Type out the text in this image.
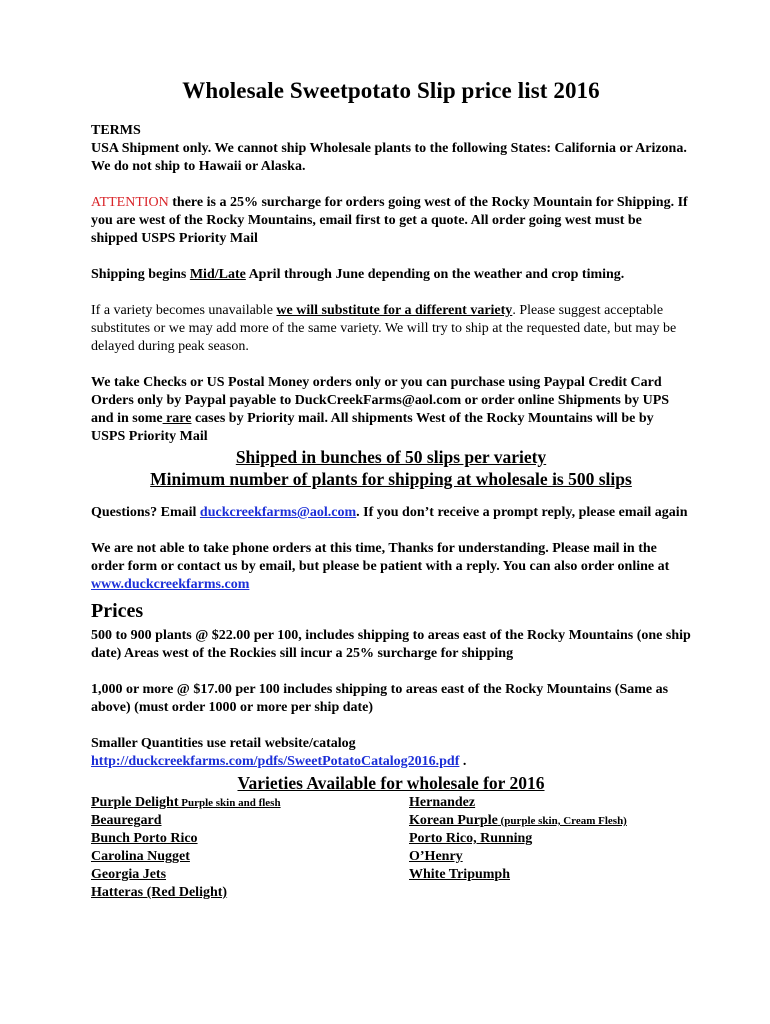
Wholesale Sweetpotato Slip price list 2016

TERMS

USA Shipment only. We cannot ship Wholesale plants to the following States: California or Arizona. We do not ship to Hawaii or Alaska.

ATTENTION there is a 25% surcharge for orders going west of the Rocky Mountain for Shipping. If you are west of the Rocky Mountains, email first to get a quote. All order going west must be shipped USPS Priority Mail

Shipping begins Mid/Late April through June depending on the weather and crop timing.

If a variety becomes unavailable we will substitute for a different variety. Please suggest acceptable substitutes or we may add more of the same variety. We will try to ship at the requested date, but may be delayed during peak season.

We take Checks or US Postal Money orders only or you can purchase using Paypal Credit Card Orders only by Paypal payable to DuckCreekFarms@aol.com or order online Shipments by UPS and in some rare cases by Priority mail. All shipments West of the Rocky Mountains will be by USPS Priority Mail

Shipped in bunches of 50 slips per variety
Minimum number of plants for shipping at wholesale is 500 slips

Questions? Email duckcreekfarms@aol.com. If you don’t receive a prompt reply, please email again

We are not able to take phone orders at this time, Thanks for understanding. Please mail in the order form or contact us by email, but please be patient with a reply. You can also order online at www.duckcreekfarms.com

Prices

500 to 900 plants @ $22.00 per 100, includes shipping to areas east of the Rocky Mountains (one ship date) Areas west of the Rockies sill incur a 25% surcharge for shipping

1,000 or more @ $17.00 per 100 includes shipping to areas east of the Rocky Mountains (Same as above) (must order 1000 or more per ship date)

Smaller Quantities use retail website/catalog
http://duckcreekfarms.com/pdfs/SweetPotatoCatalog2016.pdf .

Varieties Available for wholesale for 2016
Purple Delight Purple skin and flesh
Beauregard
Bunch Porto Rico
Carolina Nugget
Georgia Jets
Hatteras (Red Delight)
Hernandez
Korean Purple (purple skin, Cream Flesh)
Porto Rico, Running
O’Henry
White Tripumph
